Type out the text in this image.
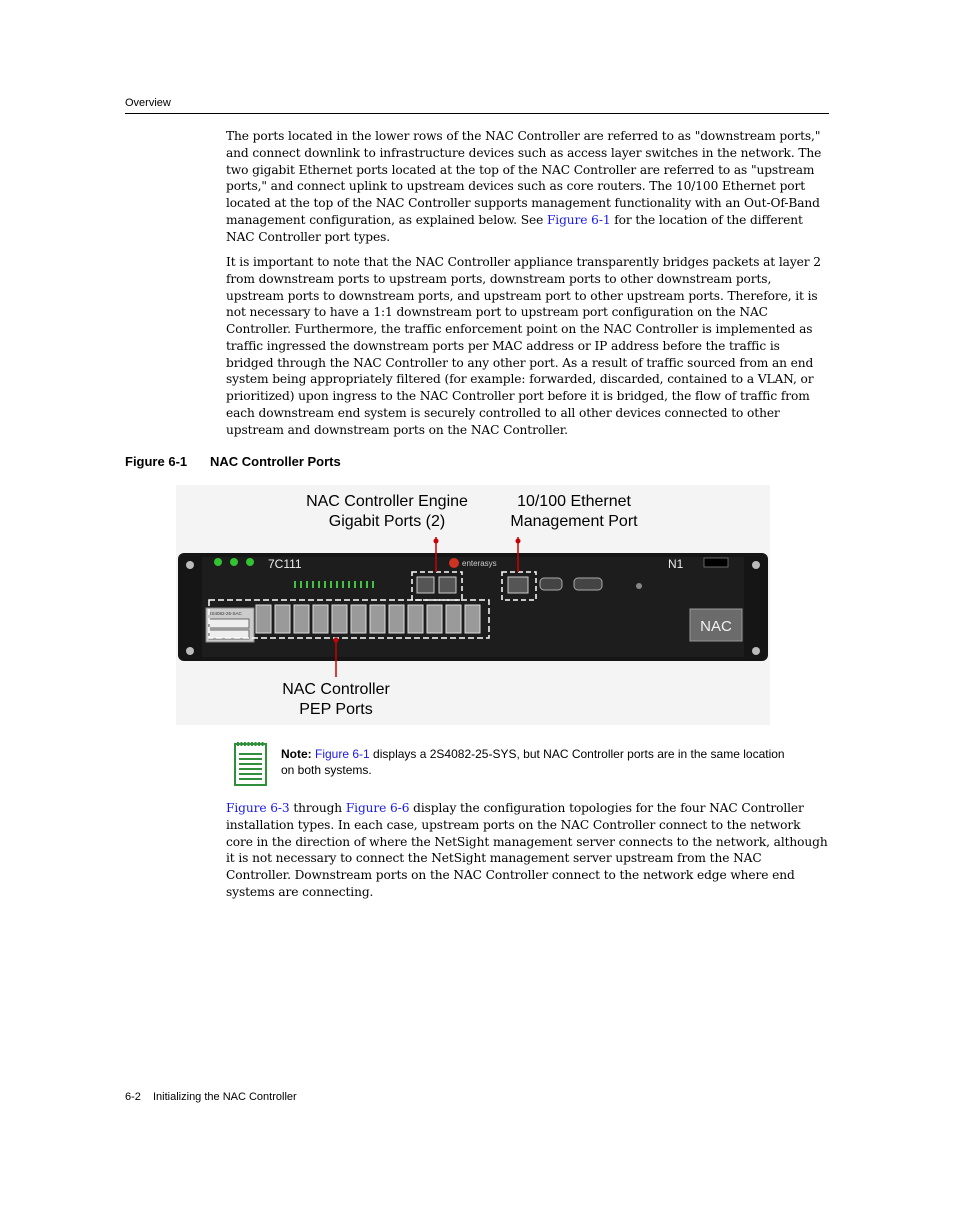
Overview

The ports located in the lower rows of the NAC Controller are referred to as "downstream ports," and connect downlink to infrastructure devices such as access layer switches in the network. The two gigabit Ethernet ports located at the top of the NAC Controller are referred to as "upstream ports," and connect uplink to upstream devices such as core routers. The 10/100 Ethernet port located at the top of the NAC Controller supports management functionality with an Out-Of-Band management configuration, as explained below. See Figure 6-1 for the location of the different NAC Controller port types.

It is important to note that the NAC Controller appliance transparently bridges packets at layer 2 from downstream ports to upstream ports, downstream ports to other downstream ports, upstream ports to downstream ports, and upstream port to other upstream ports. Therefore, it is not necessary to have a 1:1 downstream port to upstream port configuration on the NAC Controller. Furthermore, the traffic enforcement point on the NAC Controller is implemented as traffic ingressed the downstream ports per MAC address or IP address before the traffic is bridged through the NAC Controller to any other port. As a result of traffic sourced from an end system being appropriately filtered (for example: forwarded, discarded, contained to a VLAN, or prioritized) upon ingress to the NAC Controller port before it is bridged, the flow of traffic from each downstream end system is securely controlled to all other devices connected to other upstream and downstream ports on the NAC Controller.

Figure 6-1 NAC Controller Ports
7C111	enterasys	N1
2S4082-25-SAC
NAC
NAC Controller Engine
Gigabit Ports (2)
10/100 Ethernet
Management Port
NAC Controller
PEP Ports
Note: Figure 6-1 displays a 2S4082-25-SYS, but NAC Controller ports are in the same location on both systems.

Figure 6-3 through Figure 6-6 display the configuration topologies for the four NAC Controller installation types. In each case, upstream ports on the NAC Controller connect to the network core in the direction of where the NetSight management server connects to the network, although it is not necessary to connect the NetSight management server upstream from the NAC Controller. Downstream ports on the NAC Controller connect to the network edge where end systems are connecting.

6-2 Initializing the NAC Controller
